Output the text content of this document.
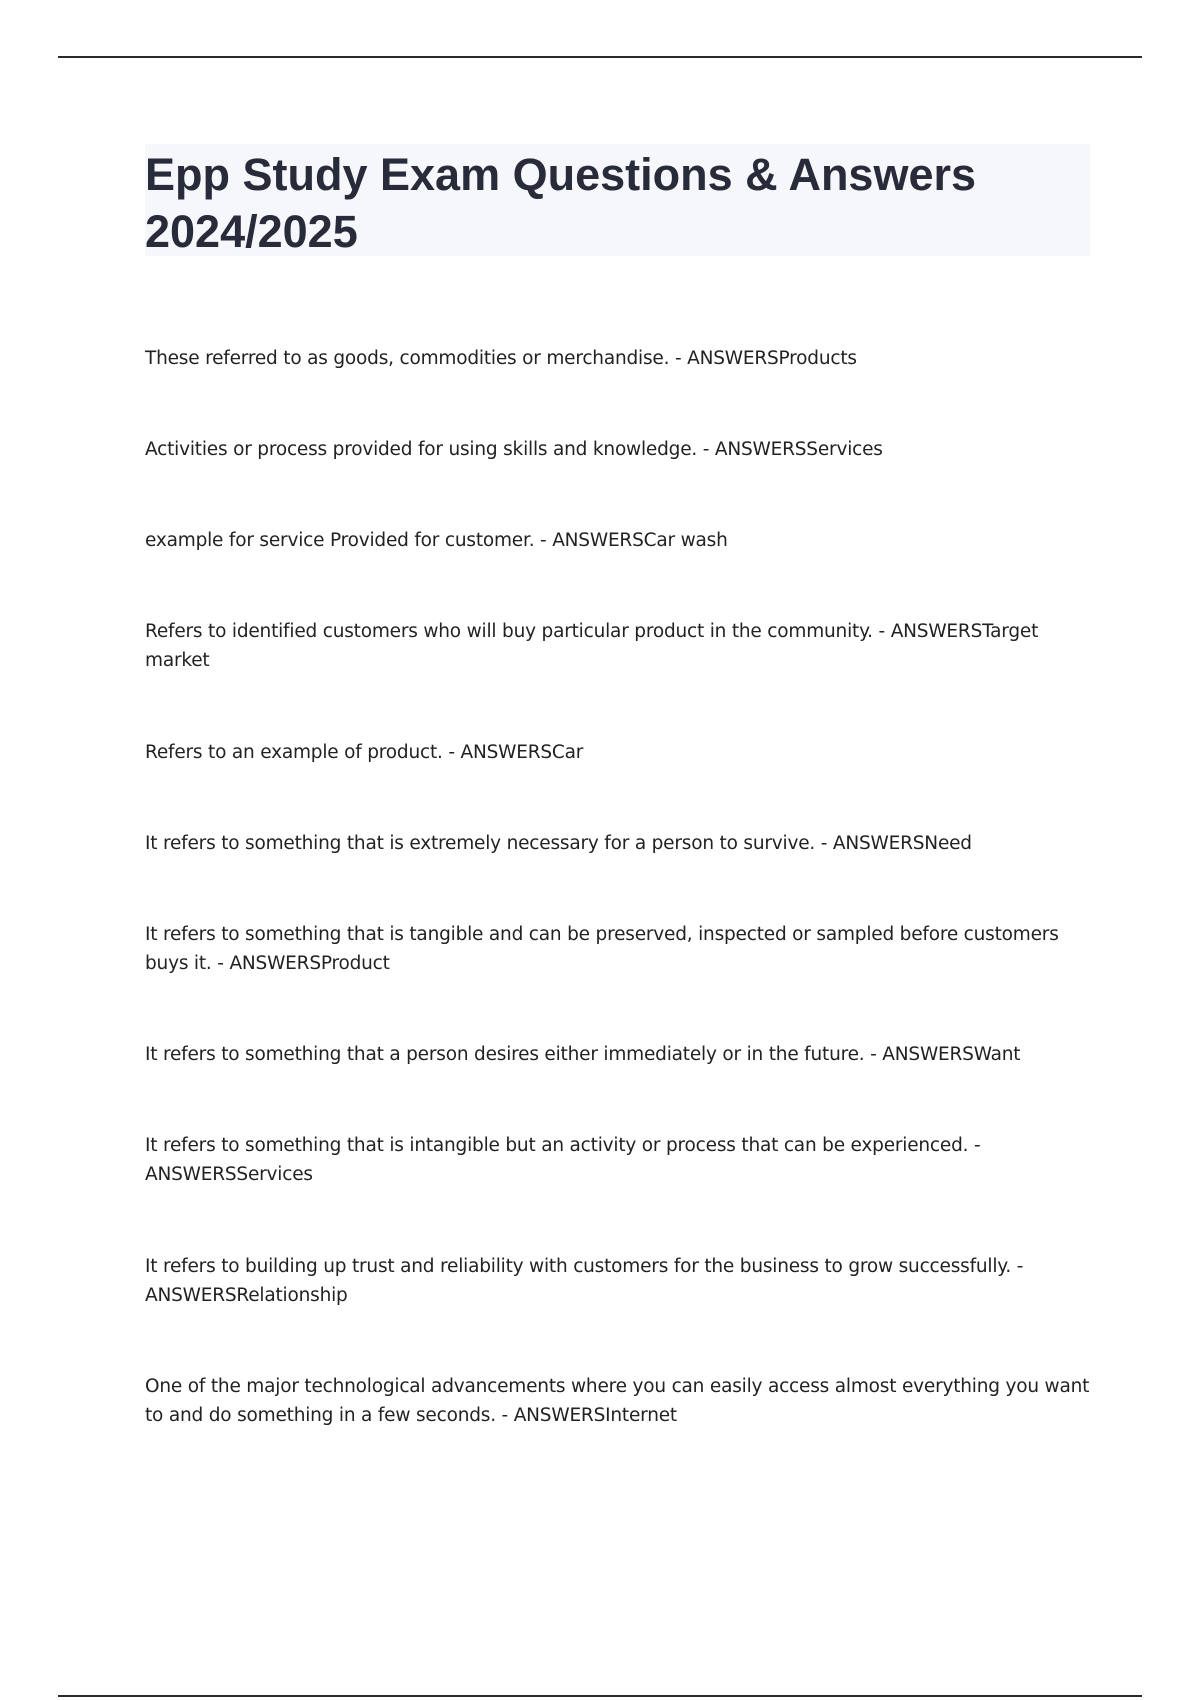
Epp Study Exam Questions & Answers
2024/2025

These referred to as goods, commodities or merchandise. - ANSWERSProducts

Activities or process provided for using skills and knowledge. - ANSWERSServices

example for service Provided for customer. - ANSWERSCar wash

Refers to identified customers who will buy particular product in the community. - ANSWERSTarget market

Refers to an example of product. - ANSWERSCar

It refers to something that is extremely necessary for a person to survive. - ANSWERSNeed

It refers to something that is tangible and can be preserved, inspected or sampled before customers buys it. - ANSWERSProduct

It refers to something that a person desires either immediately or in the future. - ANSWERSWant

It refers to something that is intangible but an activity or process that can be experienced. - ANSWERSServices

It refers to building up trust and reliability with customers for the business to grow successfully. - ANSWERSRelationship

One of the major technological advancements where you can easily access almost everything you want to and do something in a few seconds. - ANSWERSInternet
